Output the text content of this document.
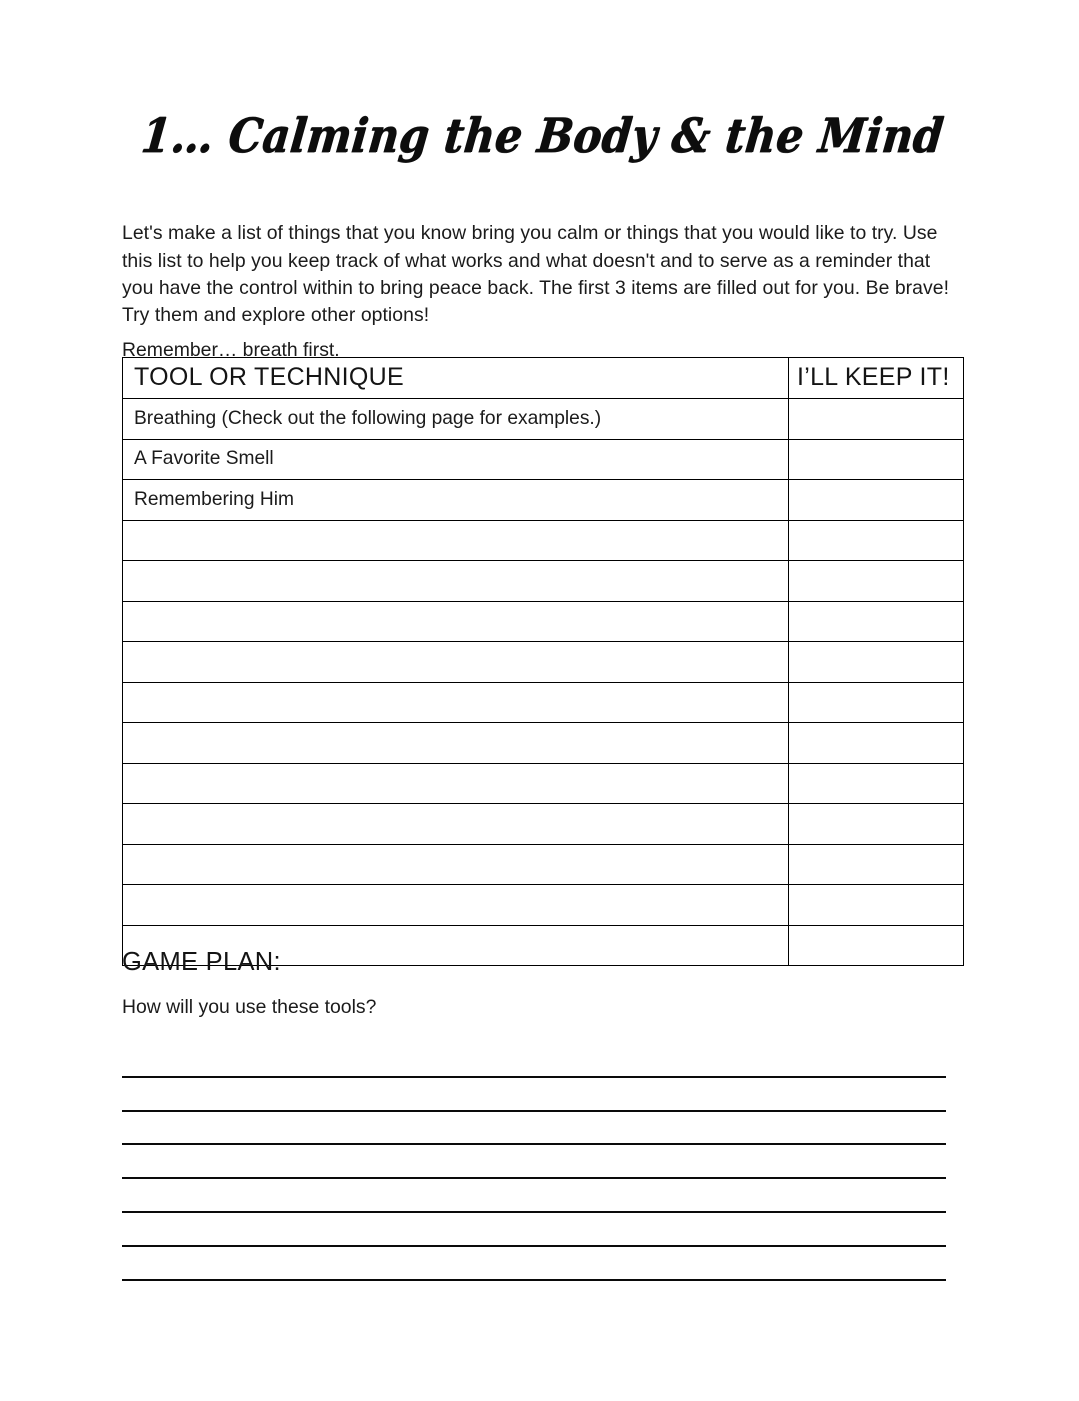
1… Calming the Body & the Mind

Let's make a list of things that you know bring you calm or things that you would like to try. Use this list to help you keep track of what works and what doesn't and to serve as a reminder that you have the control within to bring peace back. The first 3 items are filled out for you. Be brave! Try them and explore other options!

Remember… breath first.

TOOL OR TECHNIQUE	I’LL KEEP IT!
Breathing (Check out the following page for examples.)	
A Favorite Smell	
Remembering Him	

GAME PLAN:
How will you use these tools?
